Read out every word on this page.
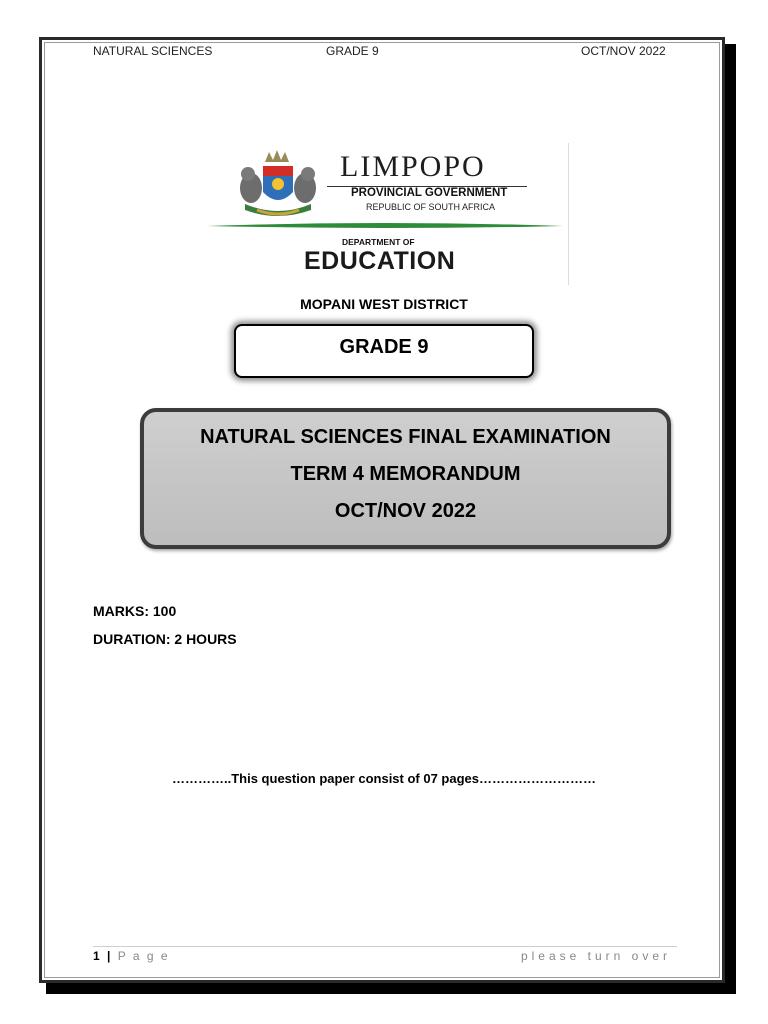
NATURAL SCIENCES	GRADE 9	OCT/NOV 2022
LIMPOPO
PROVINCIAL GOVERNMENT
REPUBLIC OF SOUTH AFRICA
DEPARTMENT OF
EDUCATION
MOPANI WEST DISTRICT
GRADE 9
NATURAL SCIENCES FINAL EXAMINATION
TERM 4 MEMORANDUM
OCT/NOV 2022
MARKS: 100
DURATION: 2 HOURS
…………..This question paper consist of 07 pages………………………
1 | P a g e	please turn over
